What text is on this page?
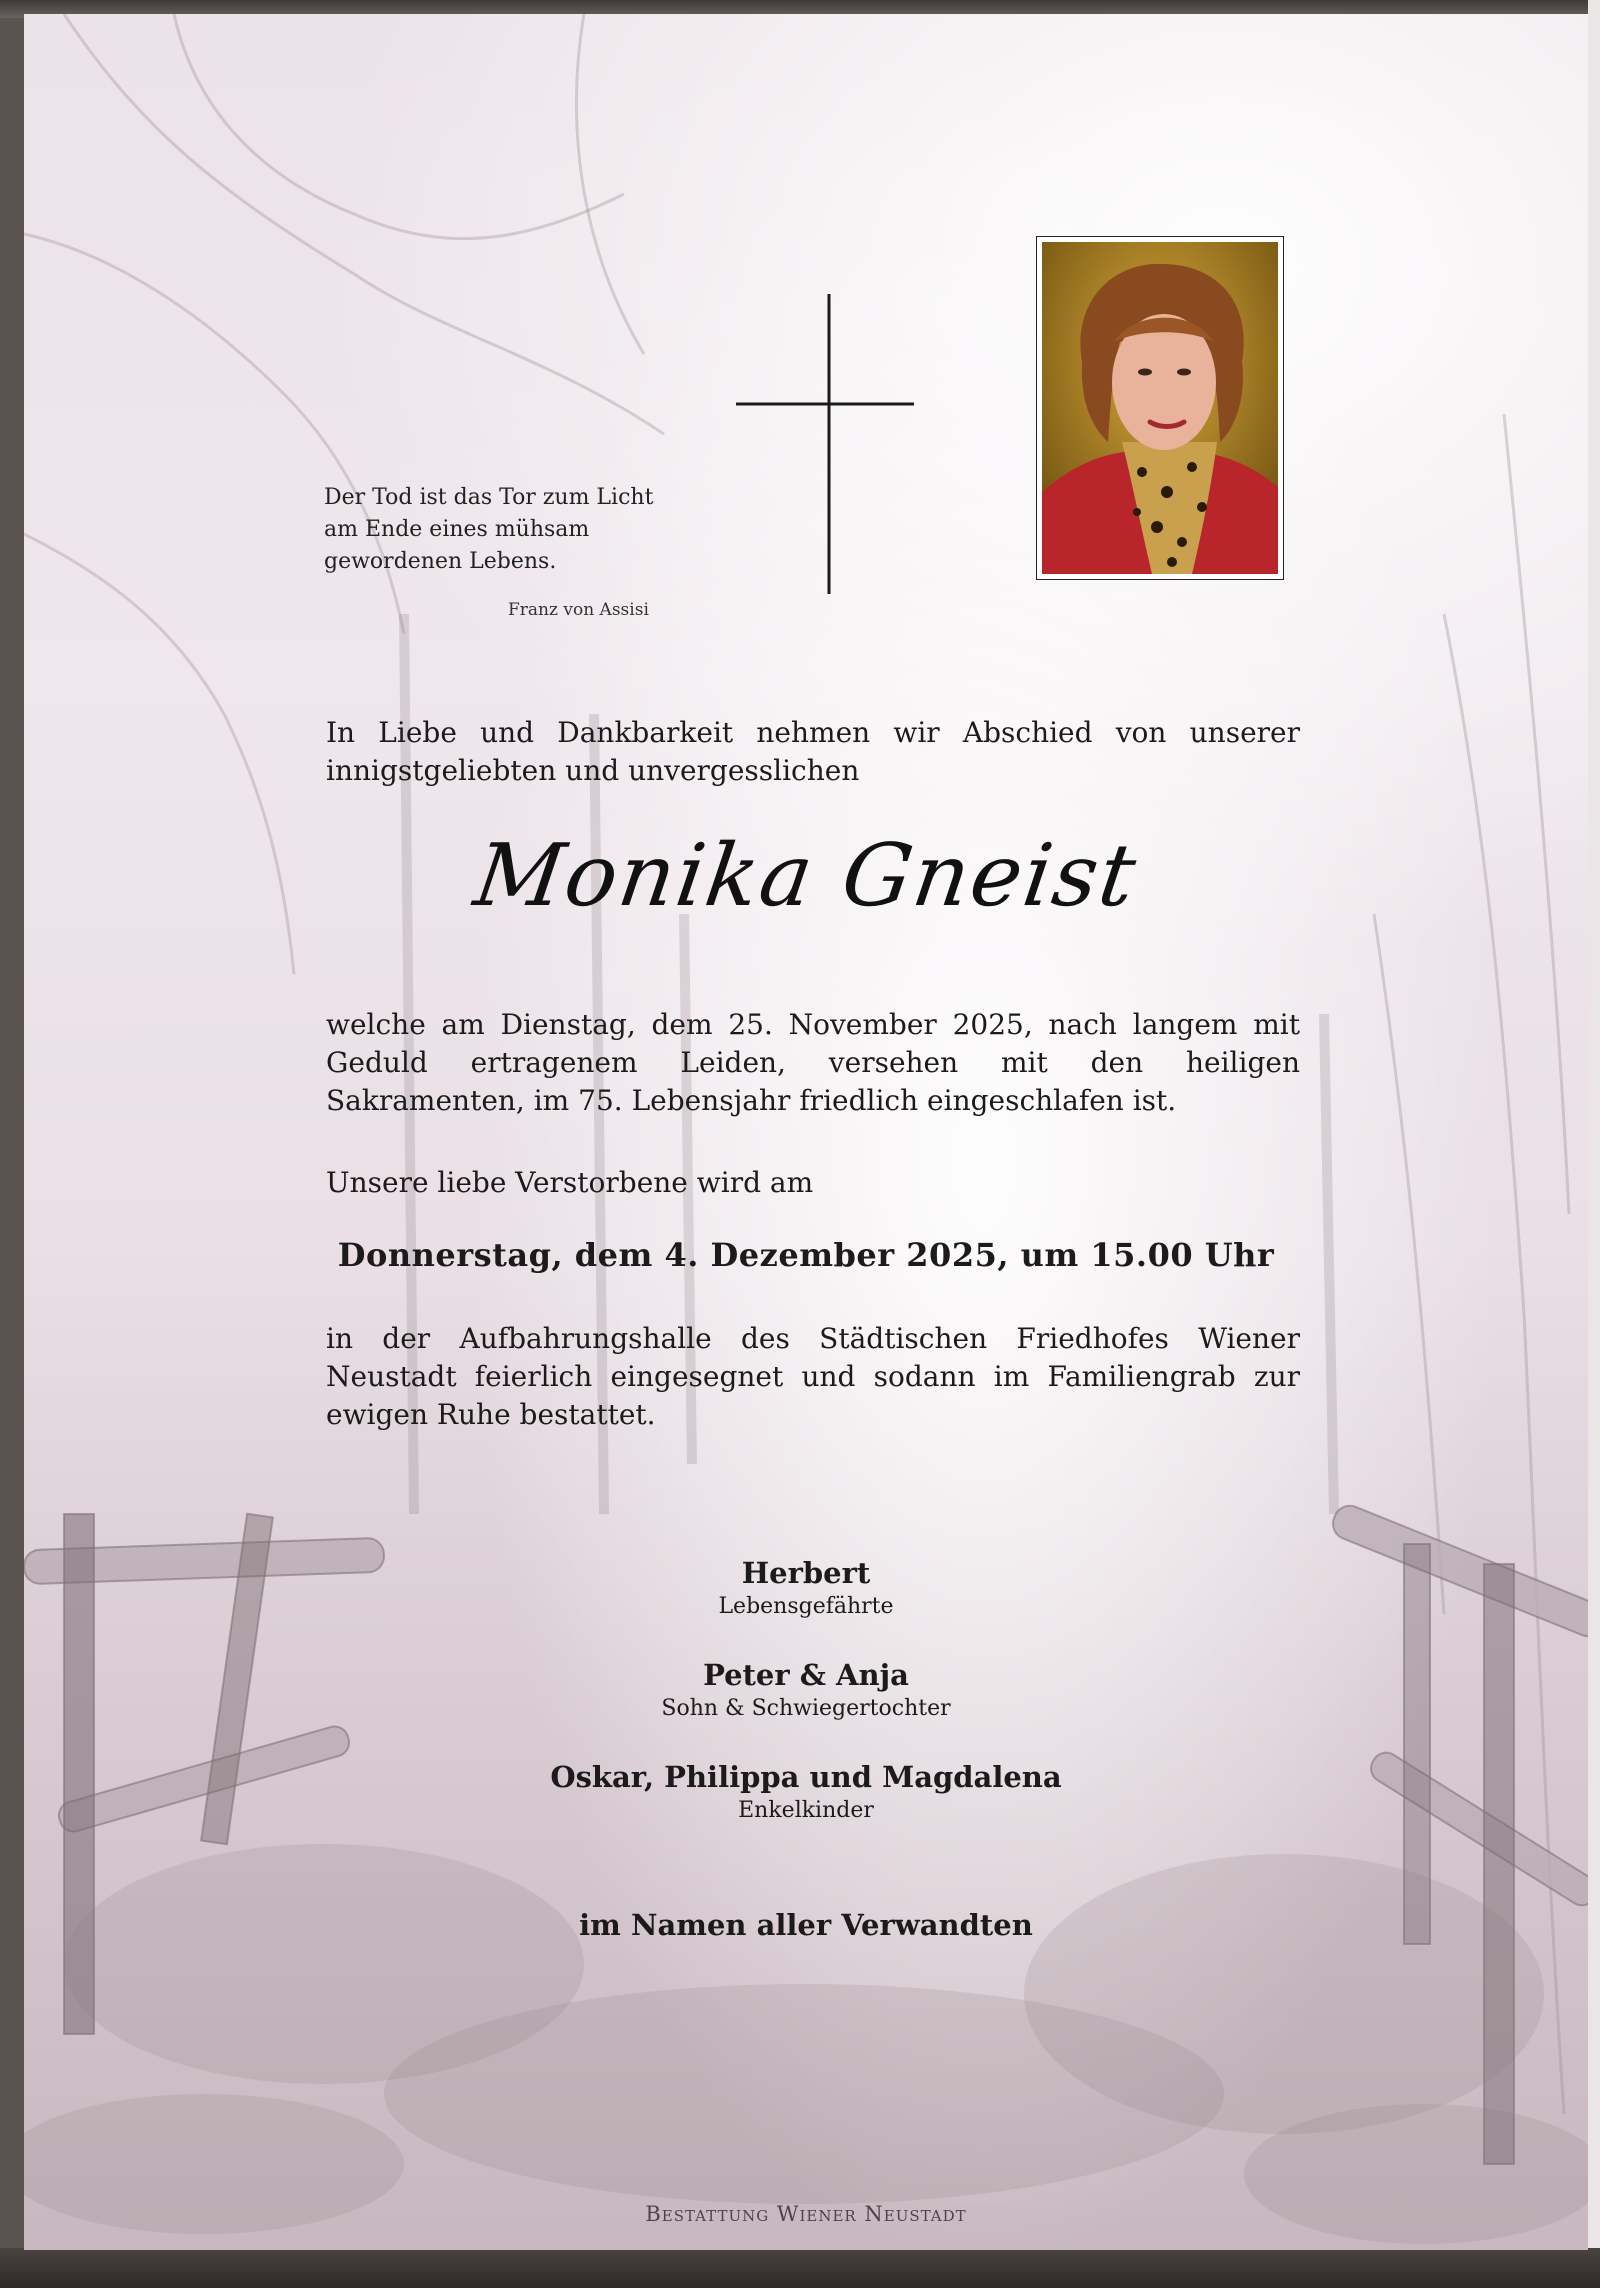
Der Tod ist das Tor zum Licht
am Ende eines mühsam
gewordenen Lebens.
Franz von Assisi
In Liebe und Dankbarkeit nehmen wir Abschied von unserer innigstgeliebten und unvergesslichen
Monika Gneist
welche am Dienstag, dem 25. November 2025, nach langem mit Geduld ertragenem Leiden, versehen mit den heiligen Sakramenten, im 75. Lebensjahr friedlich eingeschlafen ist.
Unsere liebe Verstorbene wird am
Donnerstag, dem 4. Dezember 2025, um 15.00 Uhr
in der Aufbahrungshalle des Städtischen Friedhofes Wiener Neustadt feierlich eingesegnet und sodann im Familiengrab zur ewigen Ruhe bestattet.
Herbert
Lebensgefährte
Peter & Anja
Sohn & Schwiegertochter
Oskar, Philippa und Magdalena
Enkelkinder
im Namen aller Verwandten
Bestattung Wiener Neustadt
